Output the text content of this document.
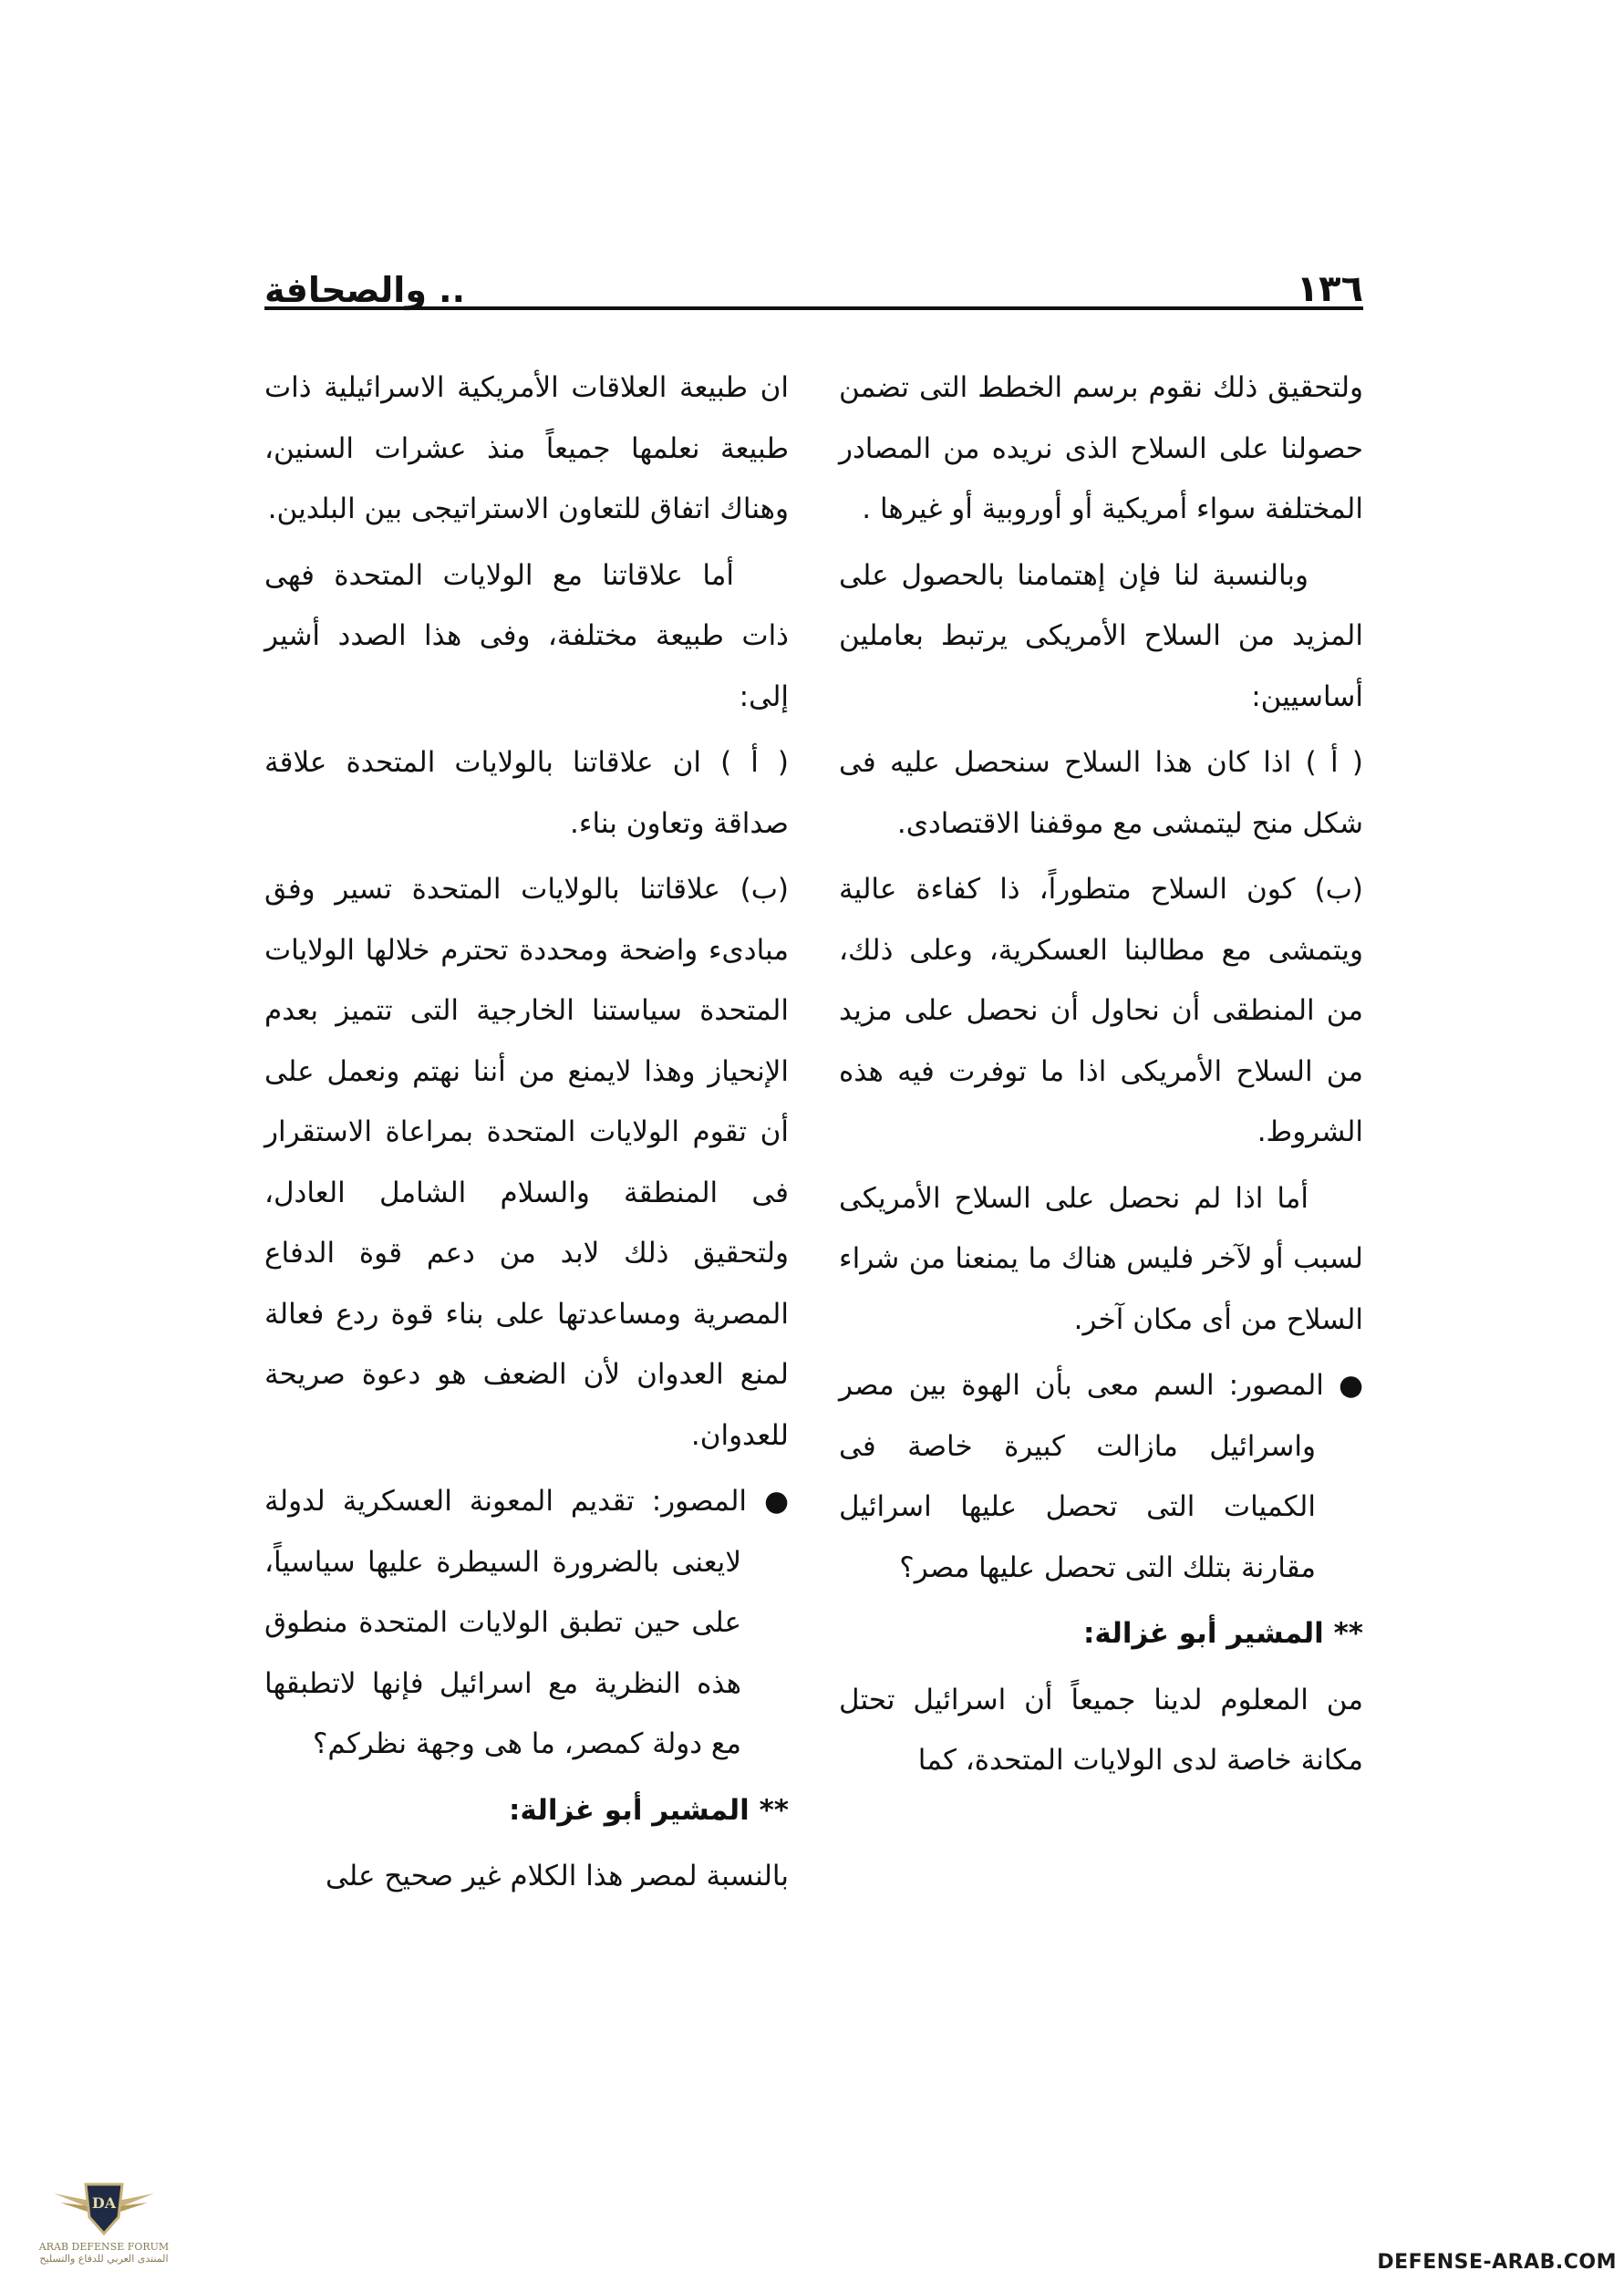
١٣٦
.. والصحافة

ولتحقيق ذلك نقوم برسم الخطط التى تضمن حصولنا على السلاح الذى نريده من المصادر المختلفة سواء أمريكية أو أوروبية أو غيرها .

وبالنسبة لنا فإن إهتمامنا بالحصول على المزيد من السلاح الأمريكى يرتبط بعاملين أساسيين:

( أ ) اذا كان هذا السلاح سنحصل عليه فى شكل منح ليتمشى مع موقفنا الاقتصادى.

(ب) كون السلاح متطوراً، ذا كفاءة عالية ويتمشى مع مطالبنا العسكرية، وعلى ذلك، من المنطقى أن نحاول أن نحصل على مزيد من السلاح الأمريكى اذا ما توفرت فيه هذه الشروط.

أما اذا لم نحصل على السلاح الأمريكى لسبب أو لآخر فليس هناك ما يمنعنا من شراء السلاح من أى مكان آخر.

● المصور: السم معى بأن الهوة بين مصر واسرائيل مازالت كبيرة خاصة فى الكميات التى تحصل عليها اسرائيل مقارنة بتلك التى تحصل عليها مصر؟

** المشير أبو غزالة:

من المعلوم لدينا جميعاً أن اسرائيل تحتل مكانة خاصة لدى الولايات المتحدة، كما

ان طبيعة العلاقات الأمريكية الاسرائيلية ذات طبيعة نعلمها جميعاً منذ عشرات السنين، وهناك اتفاق للتعاون الاستراتيجى بين البلدين.

أما علاقاتنا مع الولايات المتحدة فهى ذات طبيعة مختلفة، وفى هذا الصدد أشير إلى:

( أ ) ان علاقاتنا بالولايات المتحدة علاقة صداقة وتعاون بناء.

(ب) علاقاتنا بالولايات المتحدة تسير وفق مبادىء واضحة ومحددة تحترم خلالها الولايات المتحدة سياستنا الخارجية التى تتميز بعدم الإنحياز وهذا لايمنع من أننا نهتم ونعمل على أن تقوم الولايات المتحدة بمراعاة الاستقرار فى المنطقة والسلام الشامل العادل، ولتحقيق ذلك لابد من دعم قوة الدفاع المصرية ومساعدتها على بناء قوة ردع فعالة لمنع العدوان لأن الضعف هو دعوة صريحة للعدوان.

● المصور: تقديم المعونة العسكرية لدولة لايعنى بالضرورة السيطرة عليها سياسياً، على حين تطبق الولايات المتحدة منطوق هذه النظرية مع اسرائيل فإنها لاتطبقها مع دولة كمصر، ما هى وجهة نظركم؟

** المشير أبو غزالة:

بالنسبة لمصر هذا الكلام غير صحيح على

DA
ARAB DEFENSE FORUM
المنتدى العربي للدفاع والتسليح	DEFENSE-ARAB.COM
